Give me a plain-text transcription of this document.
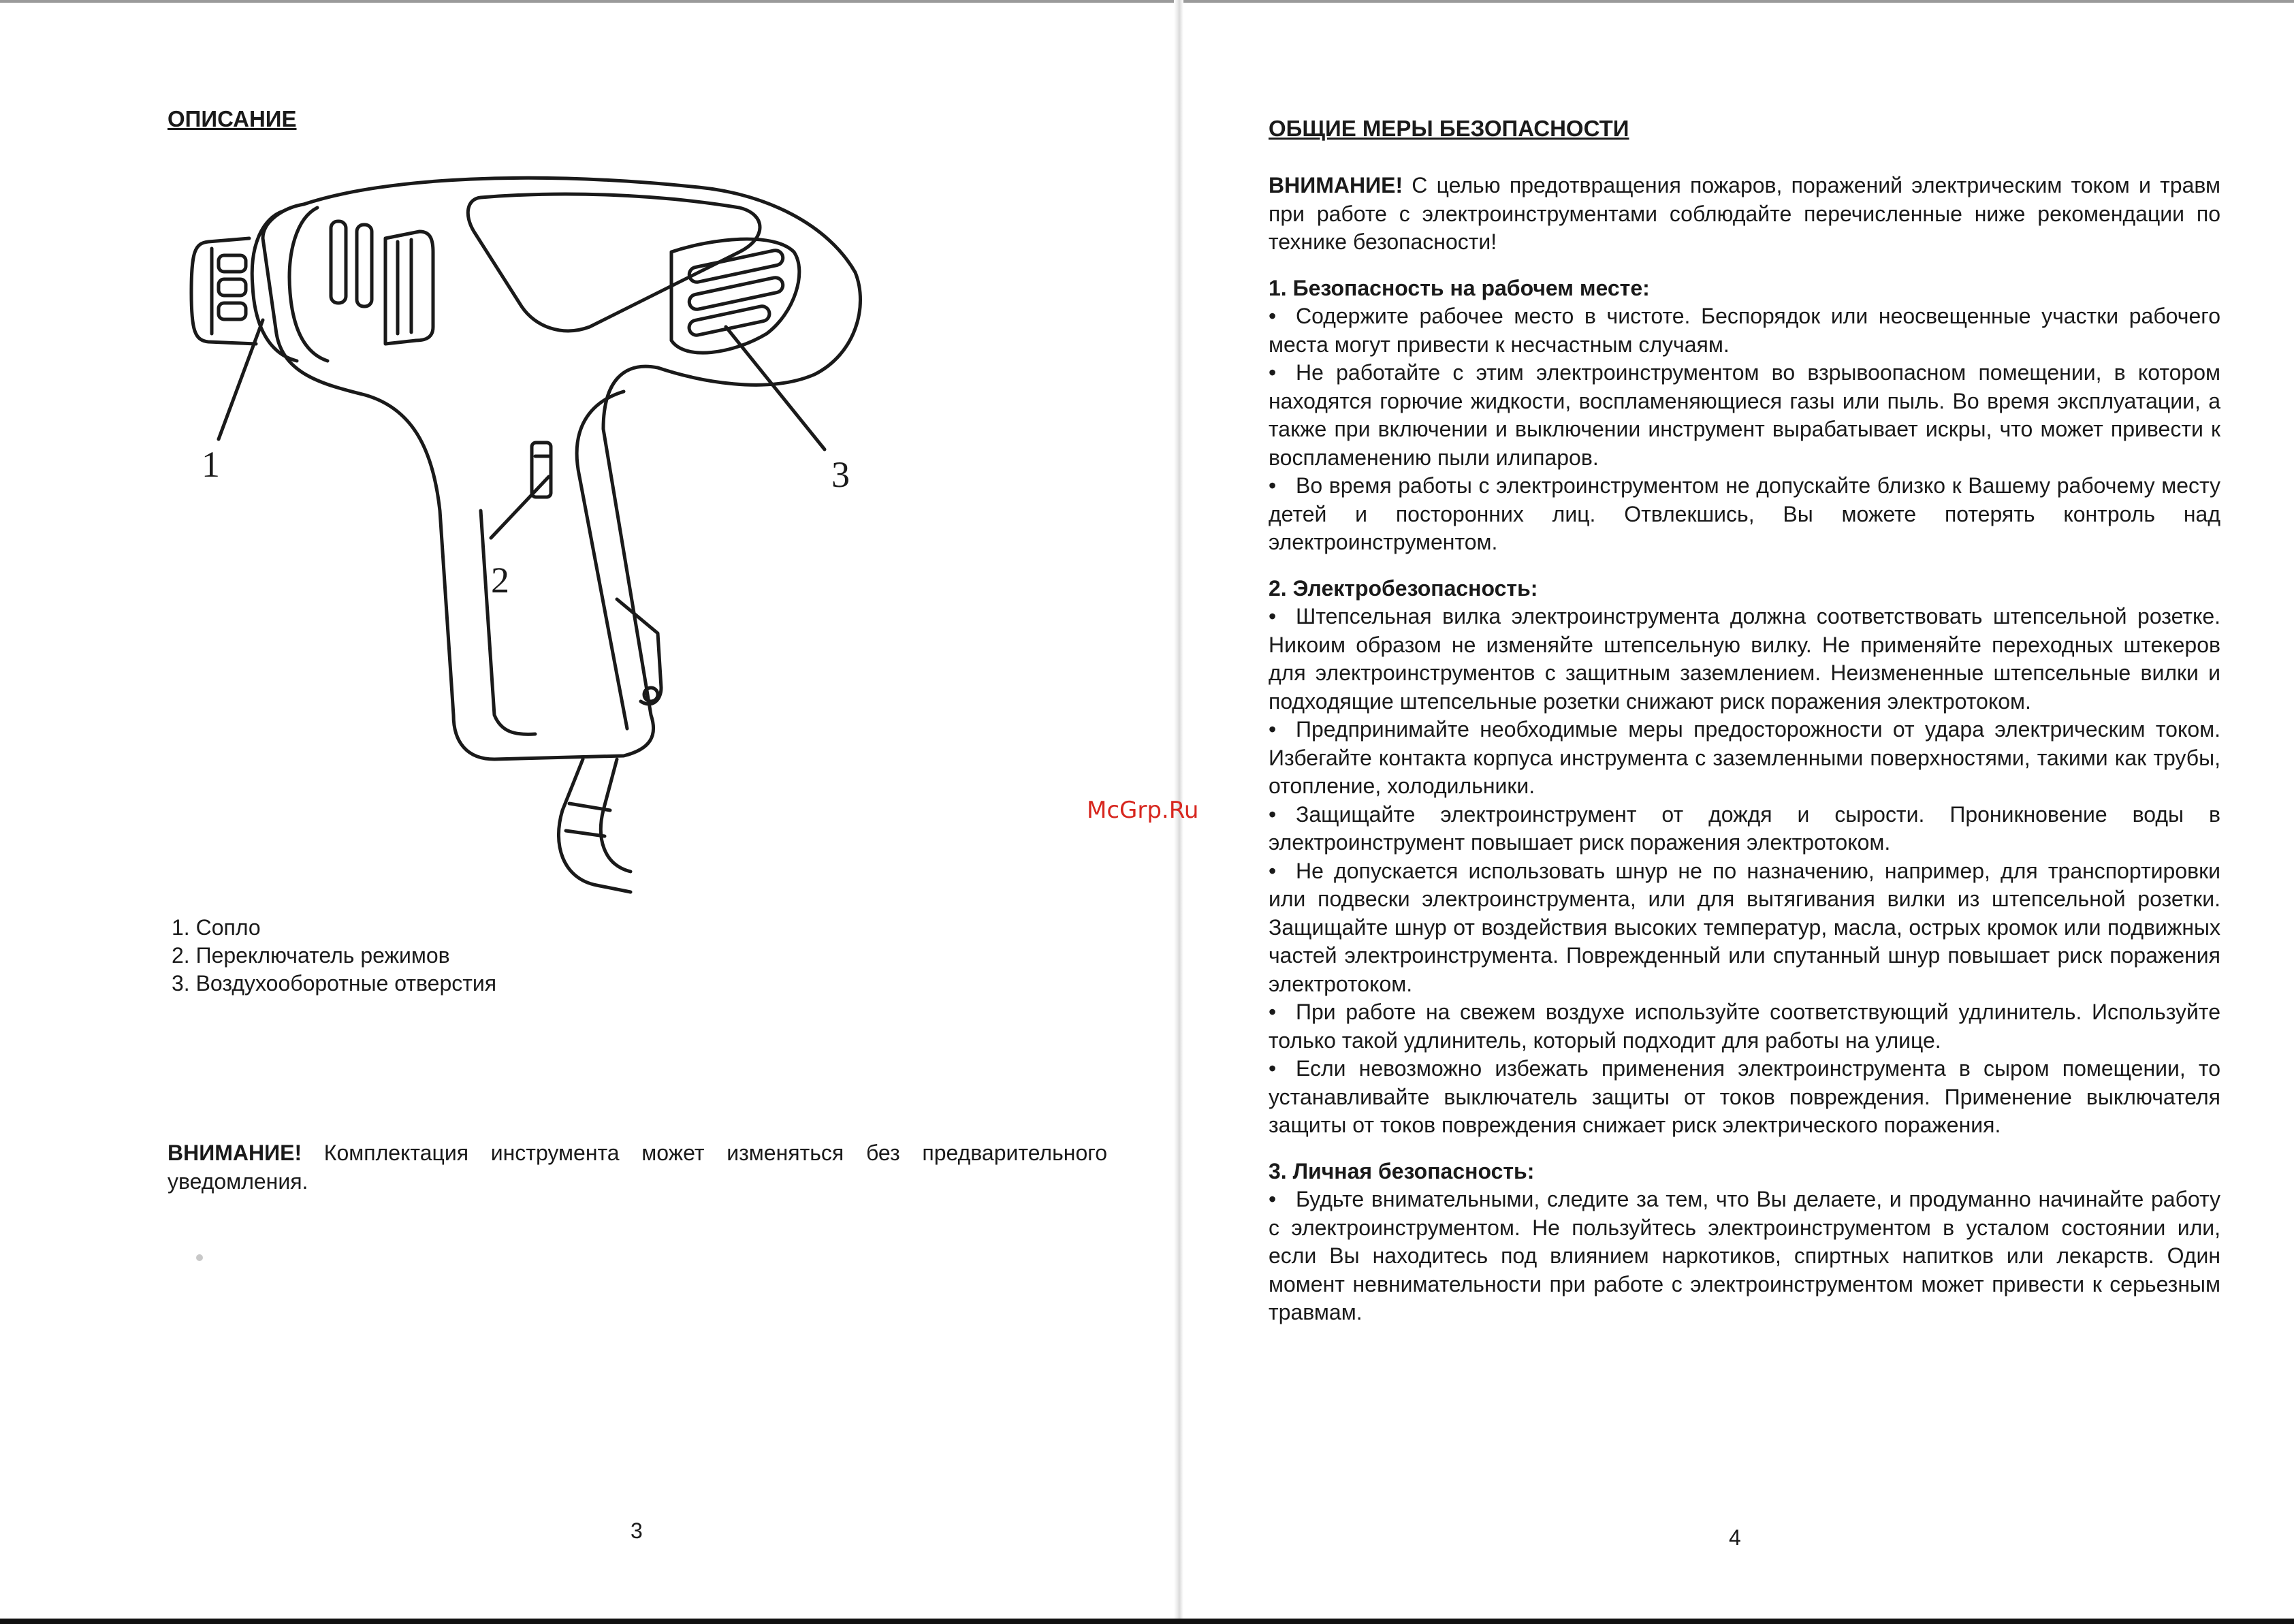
ОПИСАНИЕ
1
2
3
1. Сопло
2. Переключатель режимов
3. Воздухооборотные отверстия
ВНИМАНИЕ! Комплектация инструмента может изменяться без предварительного уведомления.
3
ОБЩИЕ МЕРЫ БЕЗОПАСНОСТИ

ВНИМАНИЕ! С целью предотвращения пожаров, поражений электрическим током и травм при работе с электроинструментами соблюдайте перечисленные ниже рекомендации по технике безопасности!

1. Безопасность на рабочем месте:

• Содержите рабочее место в чистоте. Беспорядок или неосвещенные участки рабочего места могут привести к несчастным случаям.

• Не работайте с этим электроинструментом во взрывоопасном помещении, в котором находятся горючие жидкости, воспламеняющиеся газы или пыль. Во время эксплуатации, а также при включении и выключении инструмент вырабатывает искры, что может привести к воспламенению пыли илипаров.

• Во время работы с электроинструментом не допускайте близко к Вашему рабочему месту детей и посторонних лиц. Отвлекшись, Вы можете потерять контроль над электроинструментом.

2. Электробезопасность:

• Штепсельная вилка электроинструмента должна соответствовать штепсельной розетке. Никоим образом не изменяйте штепсельную вилку. Не применяйте переходных штекеров для электроинструментов с защитным заземлением. Неизмененные штепсельные вилки и подходящие штепсельные розетки снижают риск поражения электротоком.

• Предпринимайте необходимые меры предосторожности от удара электрическим током. Избегайте контакта корпуса инструмента с заземленными поверхностями, такими как трубы, отопление, холодильники.

• Защищайте электроинструмент от дождя и сырости. Проникновение воды в электроинструмент повышает риск поражения электротоком.

• Не допускается использовать шнур не по назначению, например, для транспортировки или подвески электроинструмента, или для вытягивания вилки из штепсельной розетки. Защищайте шнур от воздействия высоких температур, масла, острых кромок или подвижных частей электроинструмента. Поврежденный или спутанный шнур повышает риск поражения электротоком.

• При работе на свежем воздухе используйте соответствующий удлинитель. Используйте только такой удлинитель, который подходит для работы на улице.

• Если невозможно избежать применения электроинструмента в сыром помещении, то устанавливайте выключатель защиты от токов повреждения. Применение выключателя защиты от токов повреждения снижает риск электрического поражения.

3. Личная безопасность:

• Будьте внимательными, следите за тем, что Вы делаете, и продуманно начинайте работу с электроинструментом. Не пользуйтесь электроинструментом в усталом состоянии или, если Вы находитесь под влиянием наркотиков, спиртных напитков или лекарств. Один момент невнимательности при работе с электроинструментом может привести к серьезным травмам.

4
McGrp.Ru
